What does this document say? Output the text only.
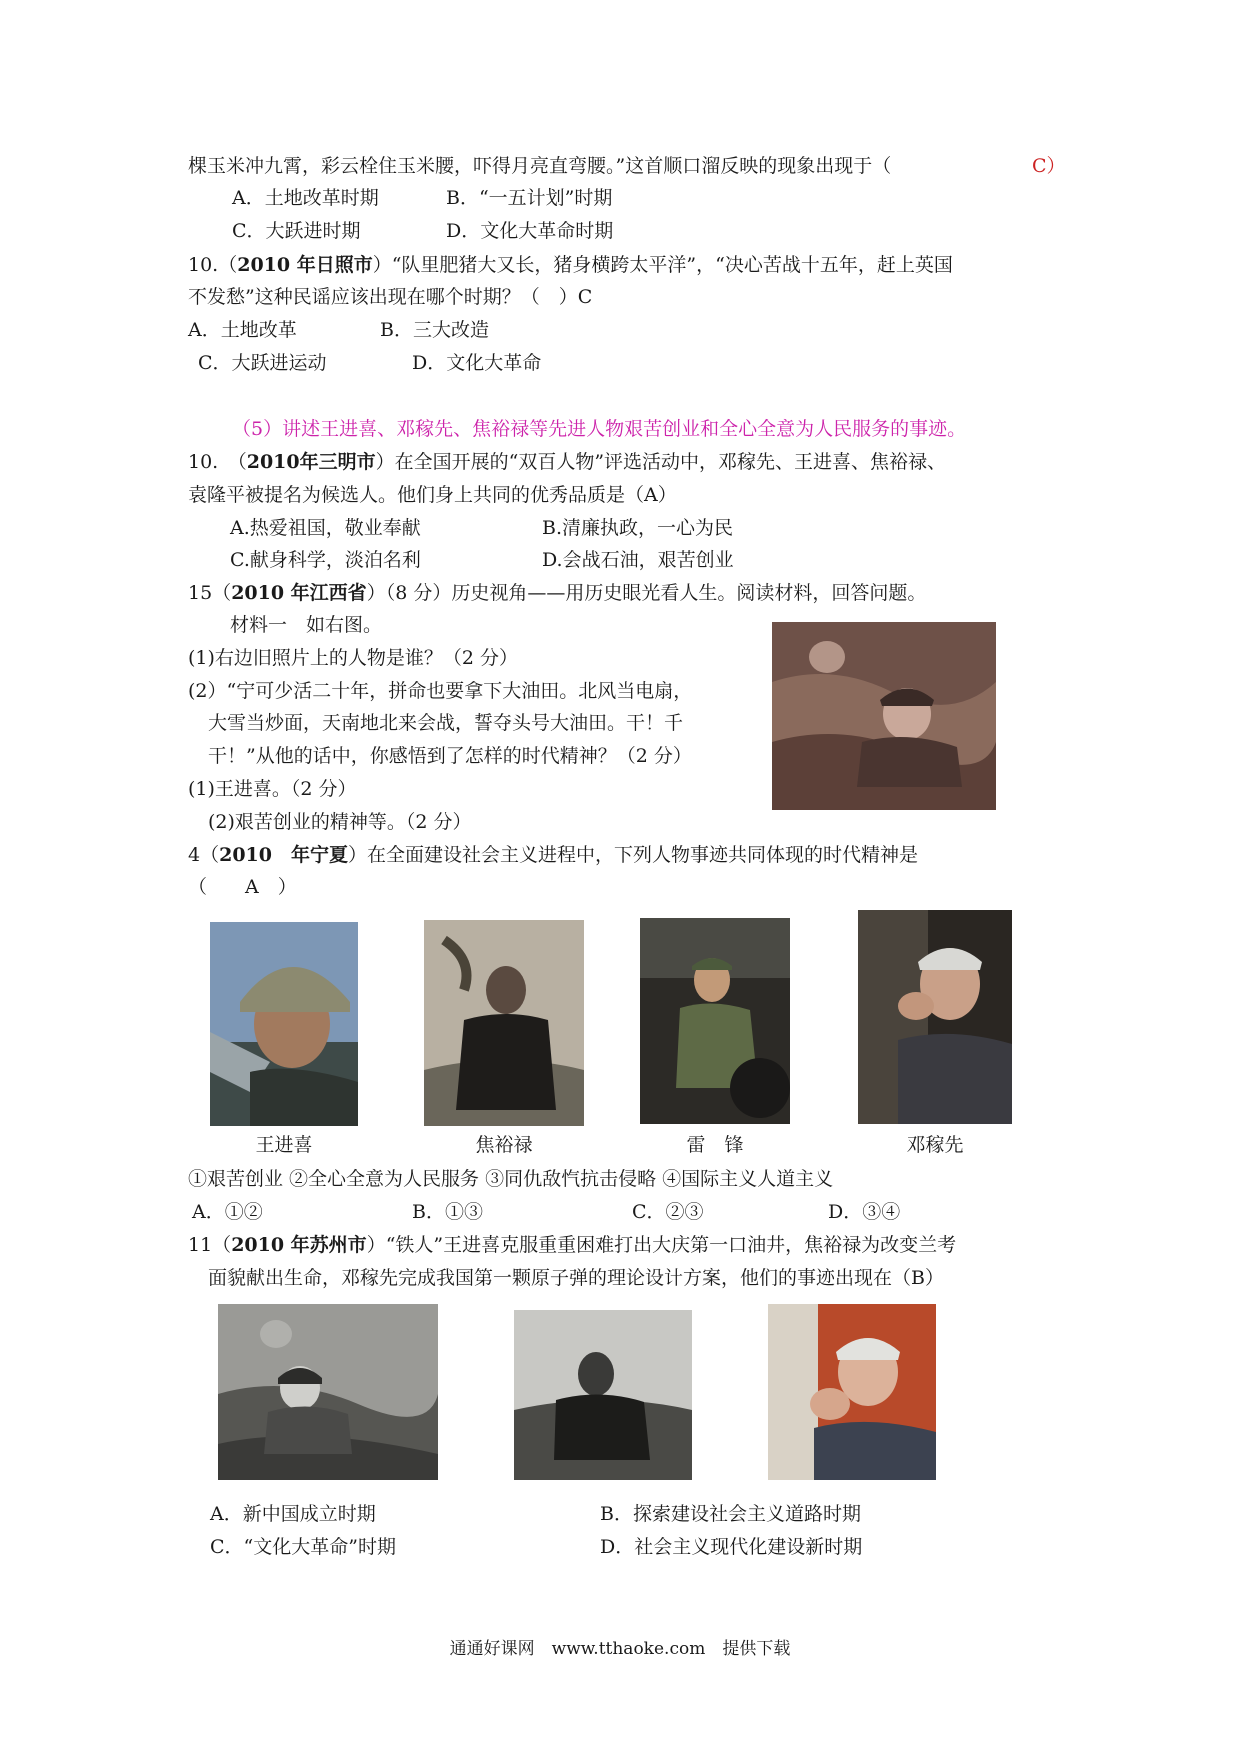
棵玉米冲九霄，彩云栓住玉米腰，吓得月亮直弯腰。”这首顺口溜反映的现象出现于（	C）
A．土地改革时期	B．“一五计划”时期
C．大跃进时期	D．文化大革命时期
10.（2010 年日照市）“队里肥猪大又长，猪身横跨太平洋”，“决心苦战十五年，赶上英国
不发愁”这种民谣应该出现在哪个时期？（　）C
A．土地改革	B．三大改造
C．大跃进运动	D．文化大革命
（5）讲述王进喜、邓稼先、焦裕禄等先进人物艰苦创业和全心全意为人民服务的事迹。
10.　（2010年三明市）在全国开展的“双百人物”评选活动中，邓稼先、王进喜、焦裕禄、
袁隆平被提名为候选人。他们身上共同的优秀品质是（A）
A.热爱祖国，敬业奉献	B.清廉执政，一心为民
C.献身科学，淡泊名利	D.会战石油，艰苦创业
15（2010 年江西省）（8 分）历史视角——用历史眼光看人生。阅读材料，回答问题。
材料一　如右图。
(1)右边旧照片上的人物是谁？（2 分）
(2）“宁可少活二十年，拼命也要拿下大油田。北风当电扇，
大雪当炒面，天南地北来会战，誓夺头号大油田。干！千
干！”从他的话中，你感悟到了怎样的时代精神？（2 分）
(1)王进喜。（2 分）
(2)艰苦创业的精神等。（2 分）
4（2010　年宁夏）在全面建设社会主义进程中，下列人物事迹共同体现的时代精神是
（　　A　）
王进喜	焦裕禄	雷　锋	邓稼先
①艰苦创业 ②全心全意为人民服务 ③同仇敌忾抗击侵略 ④国际主义人道主义
A．①②	B．①③	C．②③	D．③④
11（2010 年苏州市）“铁人”王进喜克服重重困难打出大庆第一口油井，焦裕禄为改变兰考
面貌献出生命，邓稼先完成我国第一颗原子弹的理论设计方案，他们的事迹出现在（B）
A．新中国成立时期	B．探索建设社会主义道路时期
C．“文化大革命”时期	D．社会主义现代化建设新时期
通通好课网　www.tthaoke.com　提供下载
